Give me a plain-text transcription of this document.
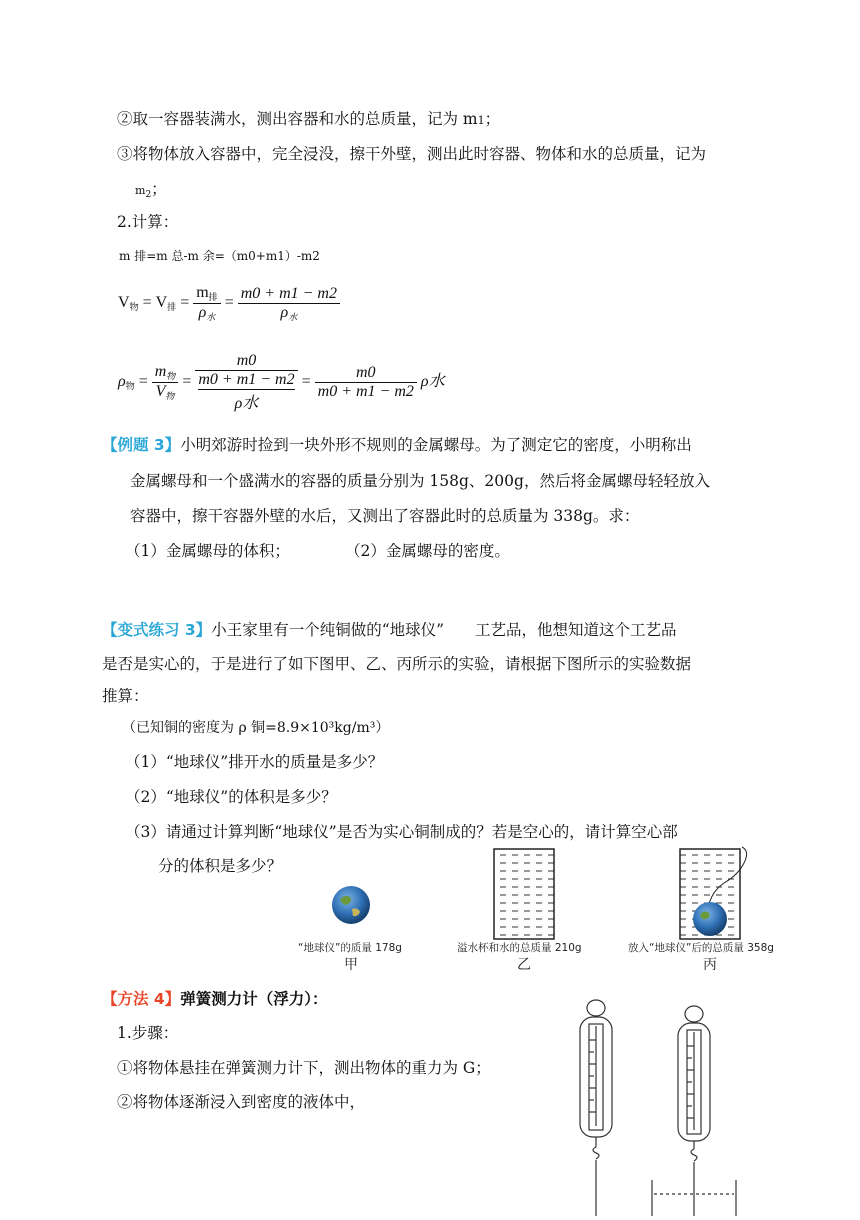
②取一容器装满水，测出容器和水的总质量，记为 m1；
③将物体放入容器中，完全浸没，擦干外壁，测出此时容器、物体和水的总质量，记为
$m_2$；
2.计算：
m 排=m 总-m 余=（m0+m1）-m2
$V_物 = V_排 = \frac{m_排}{\rho_水} = \frac{m0 + m1 - m2}{\rho_水}$
$\rho_物 = \frac{m_物}{V_物} = m0$
m0 + m1 − m2
ρ水 = $\frac{m0}{m0 + m1 - m2}$ ρ水
【例题 3】小明郊游时捡到一块外形不规则的金属螺母。为了测定它的密度，小明称出
金属螺母和一个盛满水的容器的质量分别为 158g、200g，然后将金属螺母轻轻放入
容器中，擦干容器外壁的水后，又测出了容器此时的总质量为 338g。求：
（1）金属螺母的体积；	（2）金属螺母的密度。
【变式练习 3】小王家里有一个纯铜做的“地球仪”　　工艺品，他想知道这个工艺品
是否是实心的，于是进行了如下图甲、乙、丙所示的实验，请根据下图所示的实验数据
推算：
（已知铜的密度为 ρ 铜=8.9×10³kg/m³）
（1）“地球仪”排开水的质量是多少？
（2）“地球仪”的体积是多少？
（3）请通过计算判断“地球仪”是否为实心铜制成的？若是空心的，请计算空心部
分的体积是多少？
“地球仪”的质量 178g	溢水杯和水的总质量 210g	放入“地球仪”后的总质量 358g
甲	乙	丙
【方法 4】弹簧测力计（浮力）：
1.步骤：
①将物体悬挂在弹簧测力计下，测出物体的重力为 G；
②将物体逐渐浸入到密度的液体中，
